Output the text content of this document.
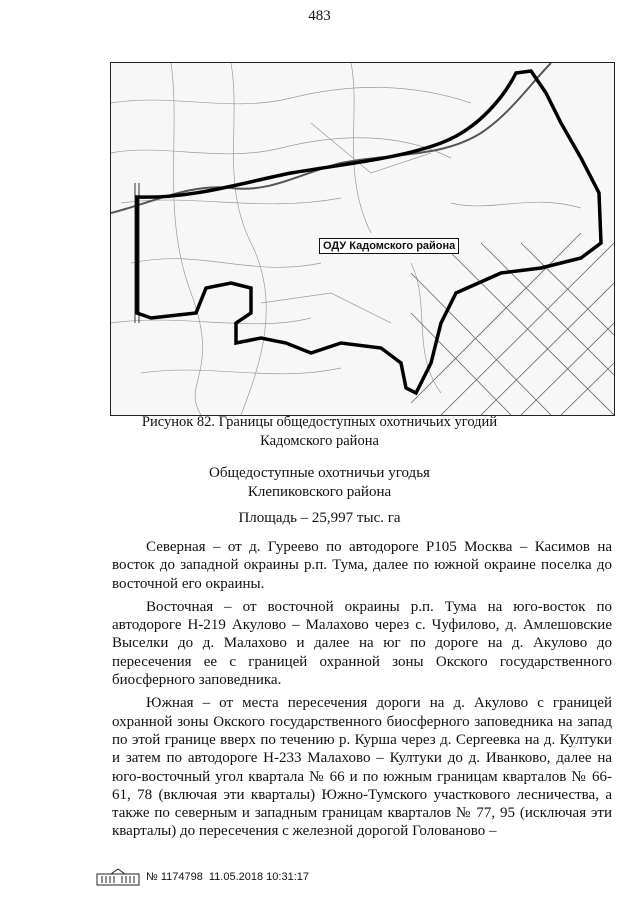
483
ОДУ Кадомского района
Рисунок 82. Границы общедоступных охотничьих угодий
Кадомского района
Общедоступные охотничьи угодья
Клепиковского района
Площадь – 25,997 тыс. га

Северная – от д. Гуреево по автодороге Р105 Москва – Касимов на восток до западной окраины р.п. Тума, далее по южной окраине поселка до восточной его окраины.

Восточная – от восточной окраины р.п. Тума на юго-восток по автодороге Н-219 Акулово – Малахово через с. Чуфилово, д. Амлешовские Выселки до д. Малахово и далее на юг по дороге на д. Акулово до пересечения ее с границей охранной зоны Окского государственного биосферного заповедника.

Южная – от места пересечения дороги на д. Акулово с границей охранной зоны Окского государственного биосферного заповедника на запад по этой границе вверх по течению р. Курша через д. Сергеевка на д. Култуки и затем по автодороге Н-233 Малахово – Култуки до д. Иванково, далее на юго-восточный угол квартала № 66 и по южным границам кварталов № 66-61, 78 (включая эти кварталы) Южно-Тумского участкового лесничества, а также по северным и западным границам кварталов № 77, 95 (исключая эти кварталы) до пересечения с железной дорогой Голованово –

№ 1174798 11.05.2018 10:31:17
